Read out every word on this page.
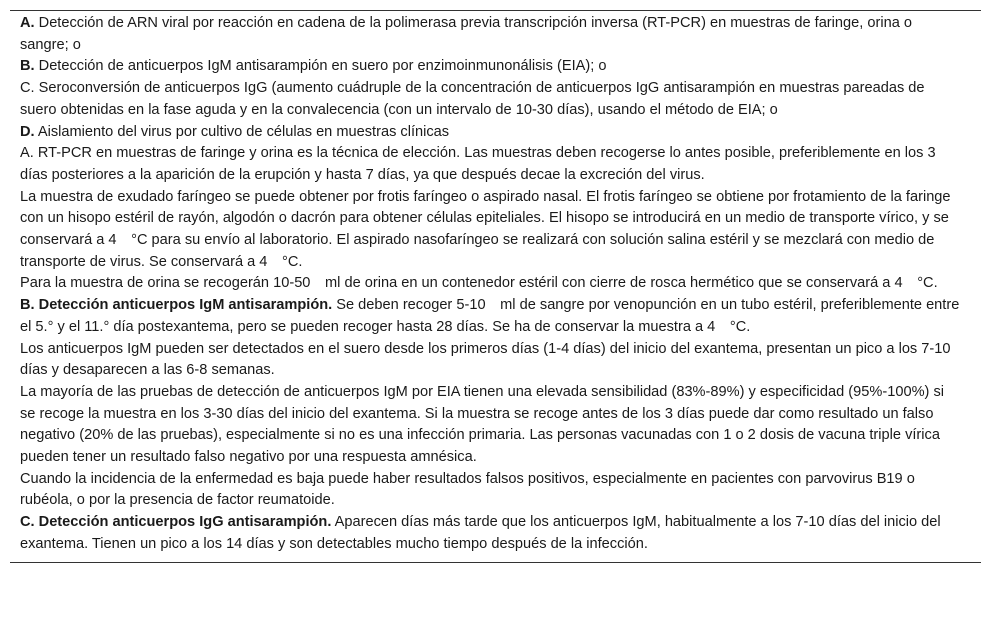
A. Detección de ARN viral por reacción en cadena de la polimerasa previa transcripción inversa (RT-PCR) en muestras de faringe, orina o sangre; o

B. Detección de anticuerpos IgM antisarampión en suero por enzimoinmunonálisis (EIA); o

C. Seroconversión de anticuerpos IgG (aumento cuádruple de la concentración de anticuerpos IgG antisarampión en muestras pareadas de suero obtenidas en la fase aguda y en la convalecencia (con un intervalo de 10-30 días), usando el método de EIA; o

D. Aislamiento del virus por cultivo de células en muestras clínicas

A. RT-PCR en muestras de faringe y orina es la técnica de elección. Las muestras deben recogerse lo antes posible, preferiblemente en los 3 días posteriores a la aparición de la erupción y hasta 7 días, ya que después decae la excreción del virus.

La muestra de exudado faríngeo se puede obtener por frotis faríngeo o aspirado nasal. El frotis faríngeo se obtiene por frotamiento de la faringe con un hisopo estéril de rayón, algodón o dacrón para obtener células epiteliales. El hisopo se introducirá en un medio de transporte vírico, y se conservará a 4  °C para su envío al laboratorio. El aspirado nasofaríngeo se realizará con solución salina estéril y se mezclará con medio de transporte de virus. Se conservará a 4  °C.

Para la muestra de orina se recogerán 10-50  ml de orina en un contenedor estéril con cierre de rosca hermético que se conservará a 4  °C.

B. Detección anticuerpos IgM antisarampión. Se deben recoger 5-10  ml de sangre por venopunción en un tubo estéril, preferiblemente entre el 5.° y el 11.° día postexantema, pero se pueden recoger hasta 28 días. Se ha de conservar la muestra a 4  °C.

Los anticuerpos IgM pueden ser detectados en el suero desde los primeros días (1-4 días) del inicio del exantema, presentan un pico a los 7-10 días y desaparecen a las 6-8 semanas.

La mayoría de las pruebas de detección de anticuerpos IgM por EIA tienen una elevada sensibilidad (83%-89%) y especificidad (95%-100%) si se recoge la muestra en los 3-30 días del inicio del exantema. Si la muestra se recoge antes de los 3 días puede dar como resultado un falso negativo (20% de las pruebas), especialmente si no es una infección primaria. Las personas vacunadas con 1 o 2 dosis de vacuna triple vírica pueden tener un resultado falso negativo por una respuesta amnésica.

Cuando la incidencia de la enfermedad es baja puede haber resultados falsos positivos, especialmente en pacientes con parvovirus B19 o rubéola, o por la presencia de factor reumatoide.

C. Detección anticuerpos IgG antisarampión. Aparecen días más tarde que los anticuerpos IgM, habitualmente a los 7-10 días del inicio del exantema. Tienen un pico a los 14 días y son detectables mucho tiempo después de la infección.
